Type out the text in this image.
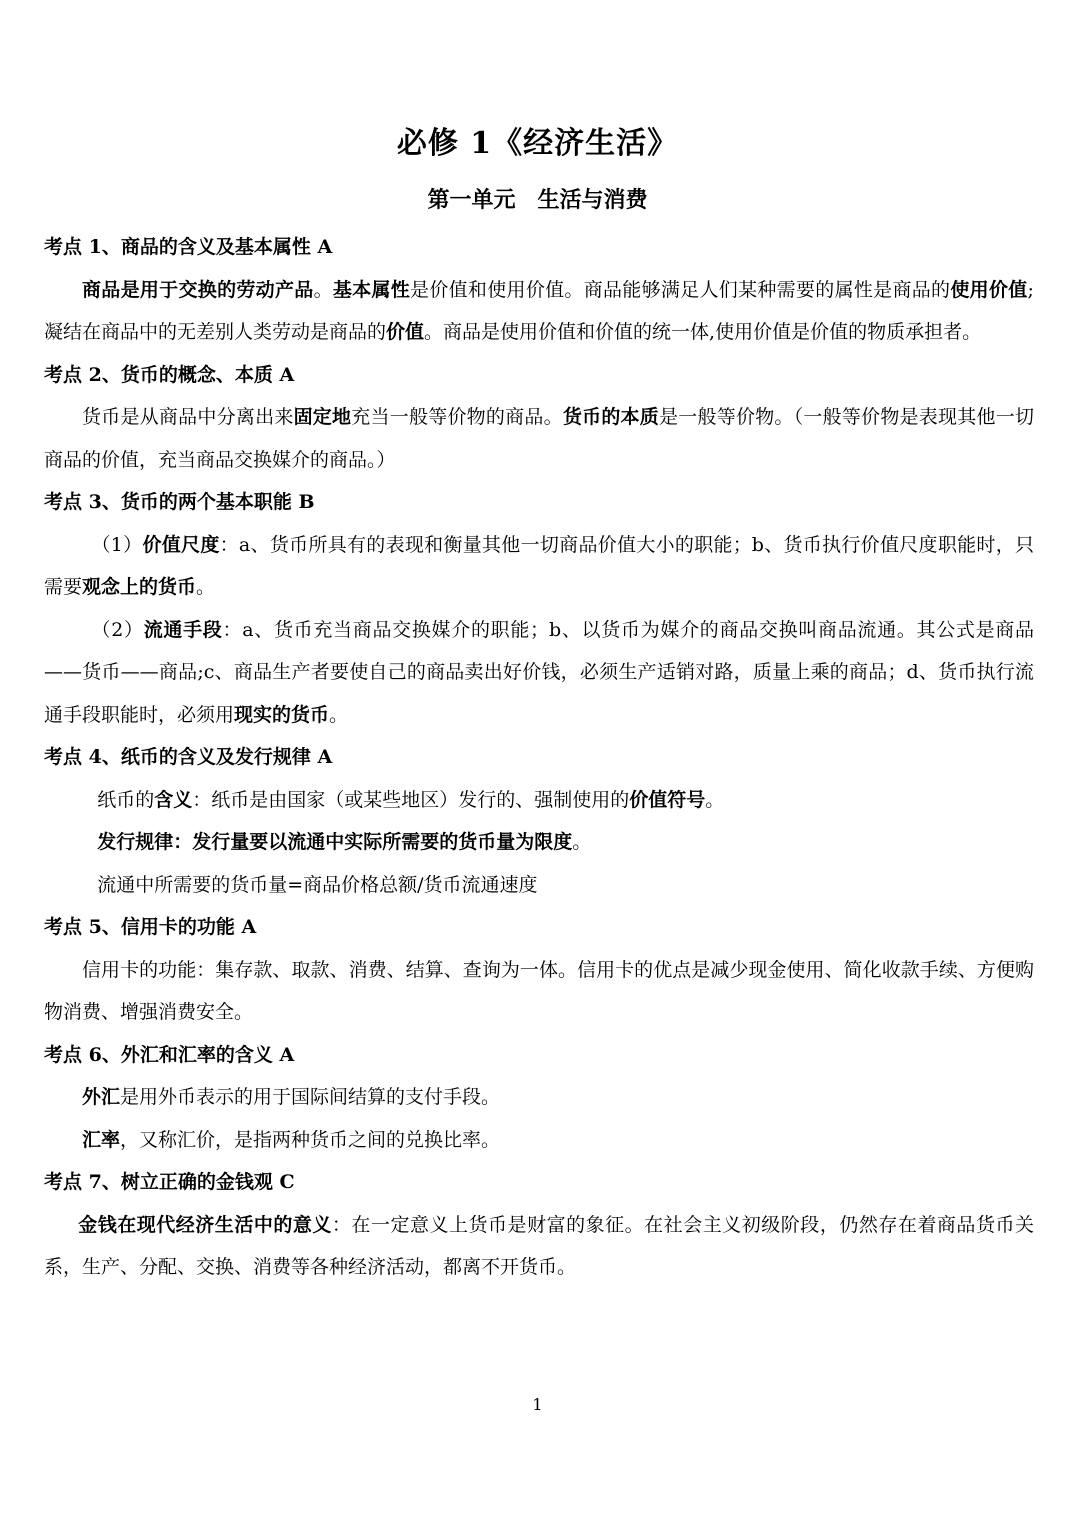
必修 1《经济生活》
第一单元　生活与消费
考点 1、商品的含义及基本属性 A
商品是用于交换的劳动产品。基本属性是价值和使用价值。商品能够满足人们某种需要的属性是商品的使用价值;凝结在商品中的无差别人类劳动是商品的价值。商品是使用价值和价值的统一体,使用价值是价值的物质承担者。
考点 2、货币的概念、本质 A
货币是从商品中分离出来固定地充当一般等价物的商品。货币的本质是一般等价物。（一般等价物是表现其他一切商品的价值，充当商品交换媒介的商品。）
考点 3、货币的两个基本职能 B
（1）价值尺度：a、货币所具有的表现和衡量其他一切商品价值大小的职能；b、货币执行价值尺度职能时，只需要观念上的货币。
（2）流通手段：a、货币充当商品交换媒介的职能；b、以货币为媒介的商品交换叫商品流通。其公式是商品——货币——商品;c、商品生产者要使自己的商品卖出好价钱，必须生产适销对路，质量上乘的商品；d、货币执行流通手段职能时，必须用现实的货币。
考点 4、纸币的含义及发行规律 A
纸币的含义：纸币是由国家（或某些地区）发行的、强制使用的价值符号。
发行规律：发行量要以流通中实际所需要的货币量为限度。
流通中所需要的货币量=商品价格总额/货币流通速度
考点 5、信用卡的功能 A
信用卡的功能：集存款、取款、消费、结算、查询为一体。信用卡的优点是减少现金使用、简化收款手续、方便购物消费、增强消费安全。
考点 6、外汇和汇率的含义 A
外汇是用外币表示的用于国际间结算的支付手段。
汇率，又称汇价，是指两种货币之间的兑换比率。
考点 7、树立正确的金钱观 C
金钱在现代经济生活中的意义：在一定意义上货币是财富的象征。在社会主义初级阶段，仍然存在着商品货币关系，生产、分配、交换、消费等各种经济活动，都离不开货币。
1
